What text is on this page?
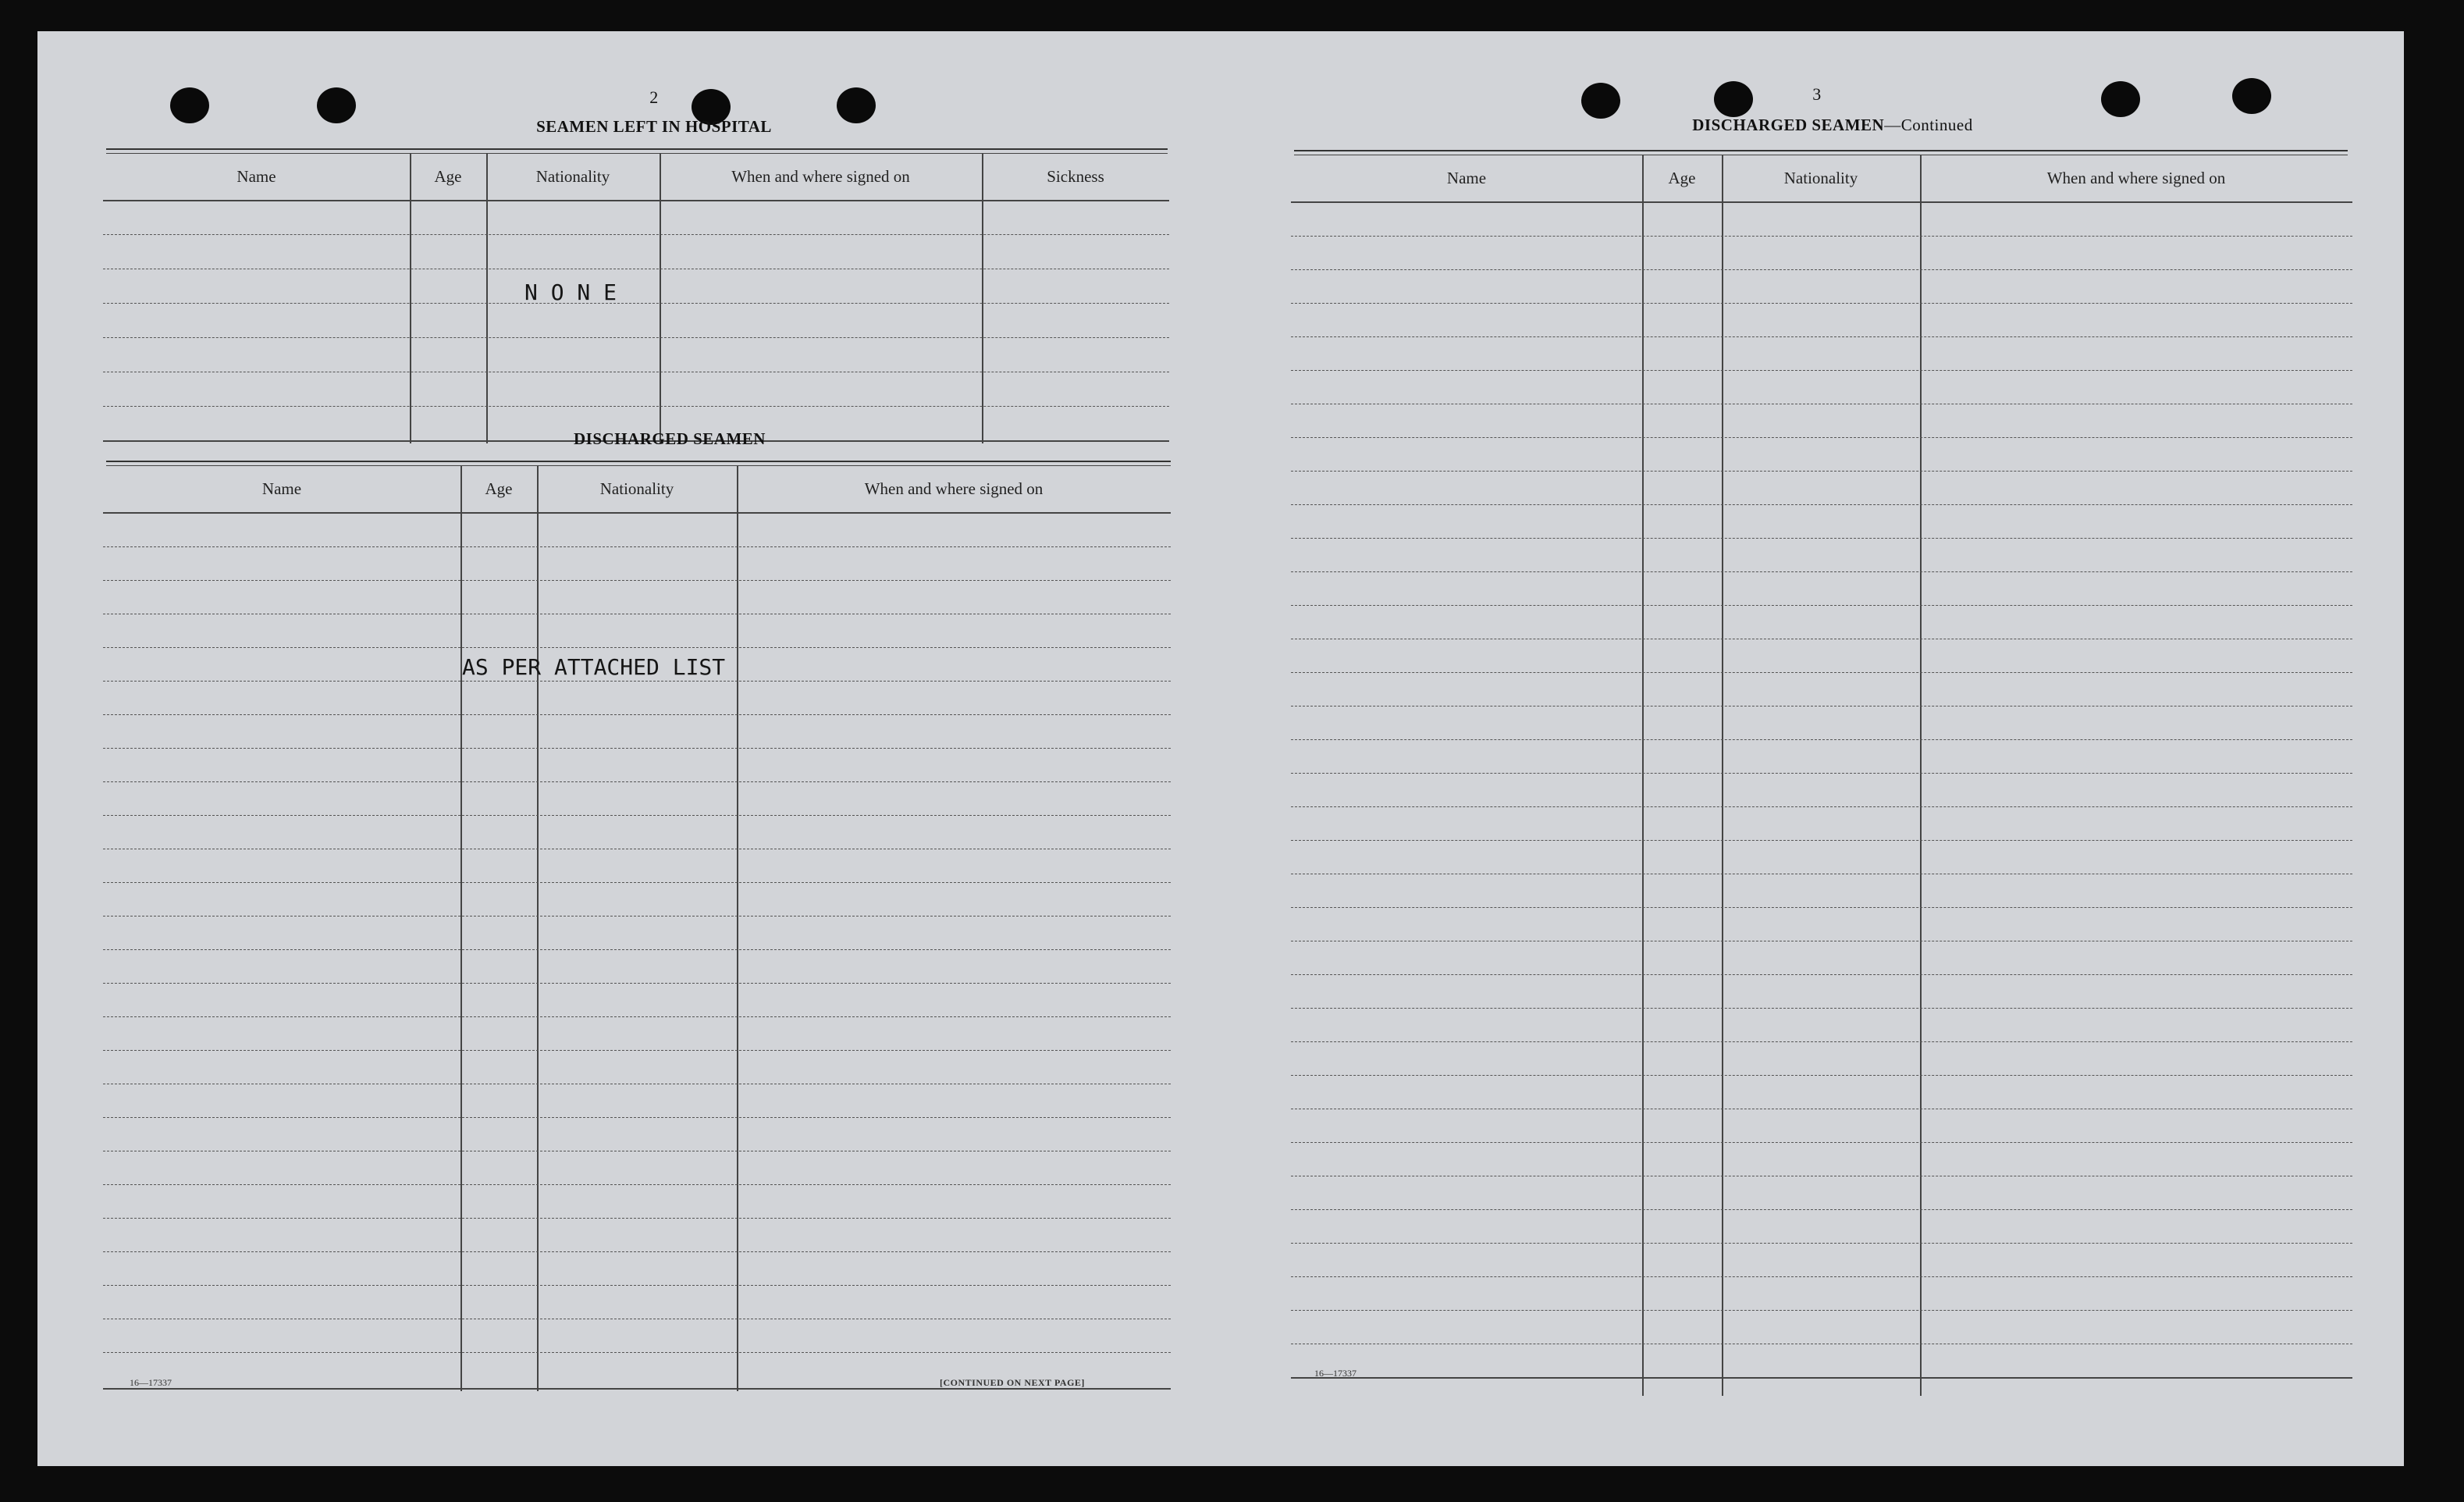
2
SEAMEN LEFT IN HOSPITAL
Name	Age	Nationality	When and where signed on	Sickness
N O N E
DISCHARGED SEAMEN
Name	Age	Nationality	When and where signed on
AS PER ATTACHED LIST
16—17337	[CONTINUED ON NEXT PAGE]
3
DISCHARGED SEAMEN—Continued
Name	Age	Nationality	When and where signed on
16—17337
